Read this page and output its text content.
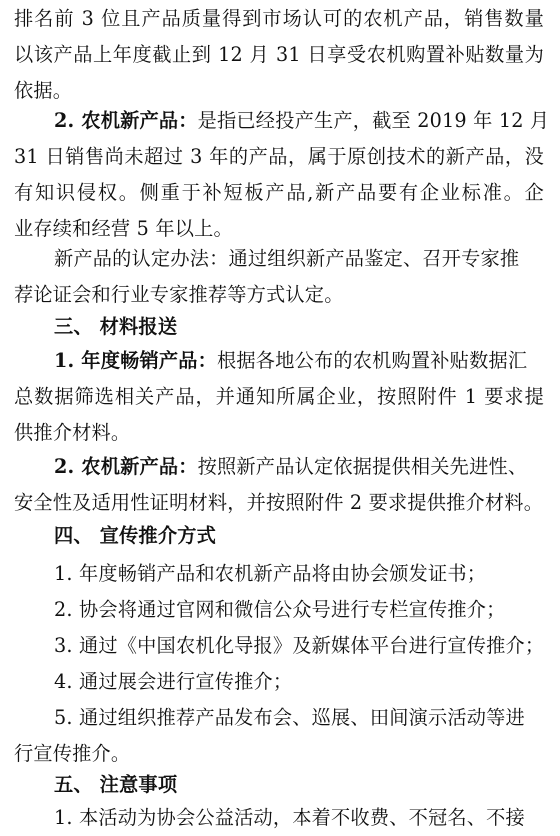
排名前 3 位且产品质量得到市场认可的农机产品，销售数量
以该产品上年度截止到 12 月 31 日享受农机购置补贴数量为
依据。
2. 农机新产品：是指已经投产生产，截至 2019 年 12 月
31 日销售尚未超过 3 年的产品，属于原创技术的新产品，没
有知识侵权。侧重于补短板产品,新产品要有企业标准。企
业存续和经营 5 年以上。
新产品的认定办法：通过组织新产品鉴定、召开专家推
荐论证会和行业专家推荐等方式认定。
三、 材料报送
1. 年度畅销产品：根据各地公布的农机购置补贴数据汇
总数据筛选相关产品，并通知所属企业，按照附件 1 要求提
供推介材料。
2. 农机新产品：按照新产品认定依据提供相关先进性、
安全性及适用性证明材料，并按照附件 2 要求提供推介材料。
四、 宣传推介方式
1. 年度畅销产品和农机新产品将由协会颁发证书；
2. 协会将通过官网和微信公众号进行专栏宣传推介；
3. 通过《中国农机化导报》及新媒体平台进行宣传推介；
4. 通过展会进行宣传推介；
5. 通过组织推荐产品发布会、巡展、田间演示活动等进
行宣传推介。
五、 注意事项
1. 本活动为协会公益活动，本着不收费、不冠名、不接
